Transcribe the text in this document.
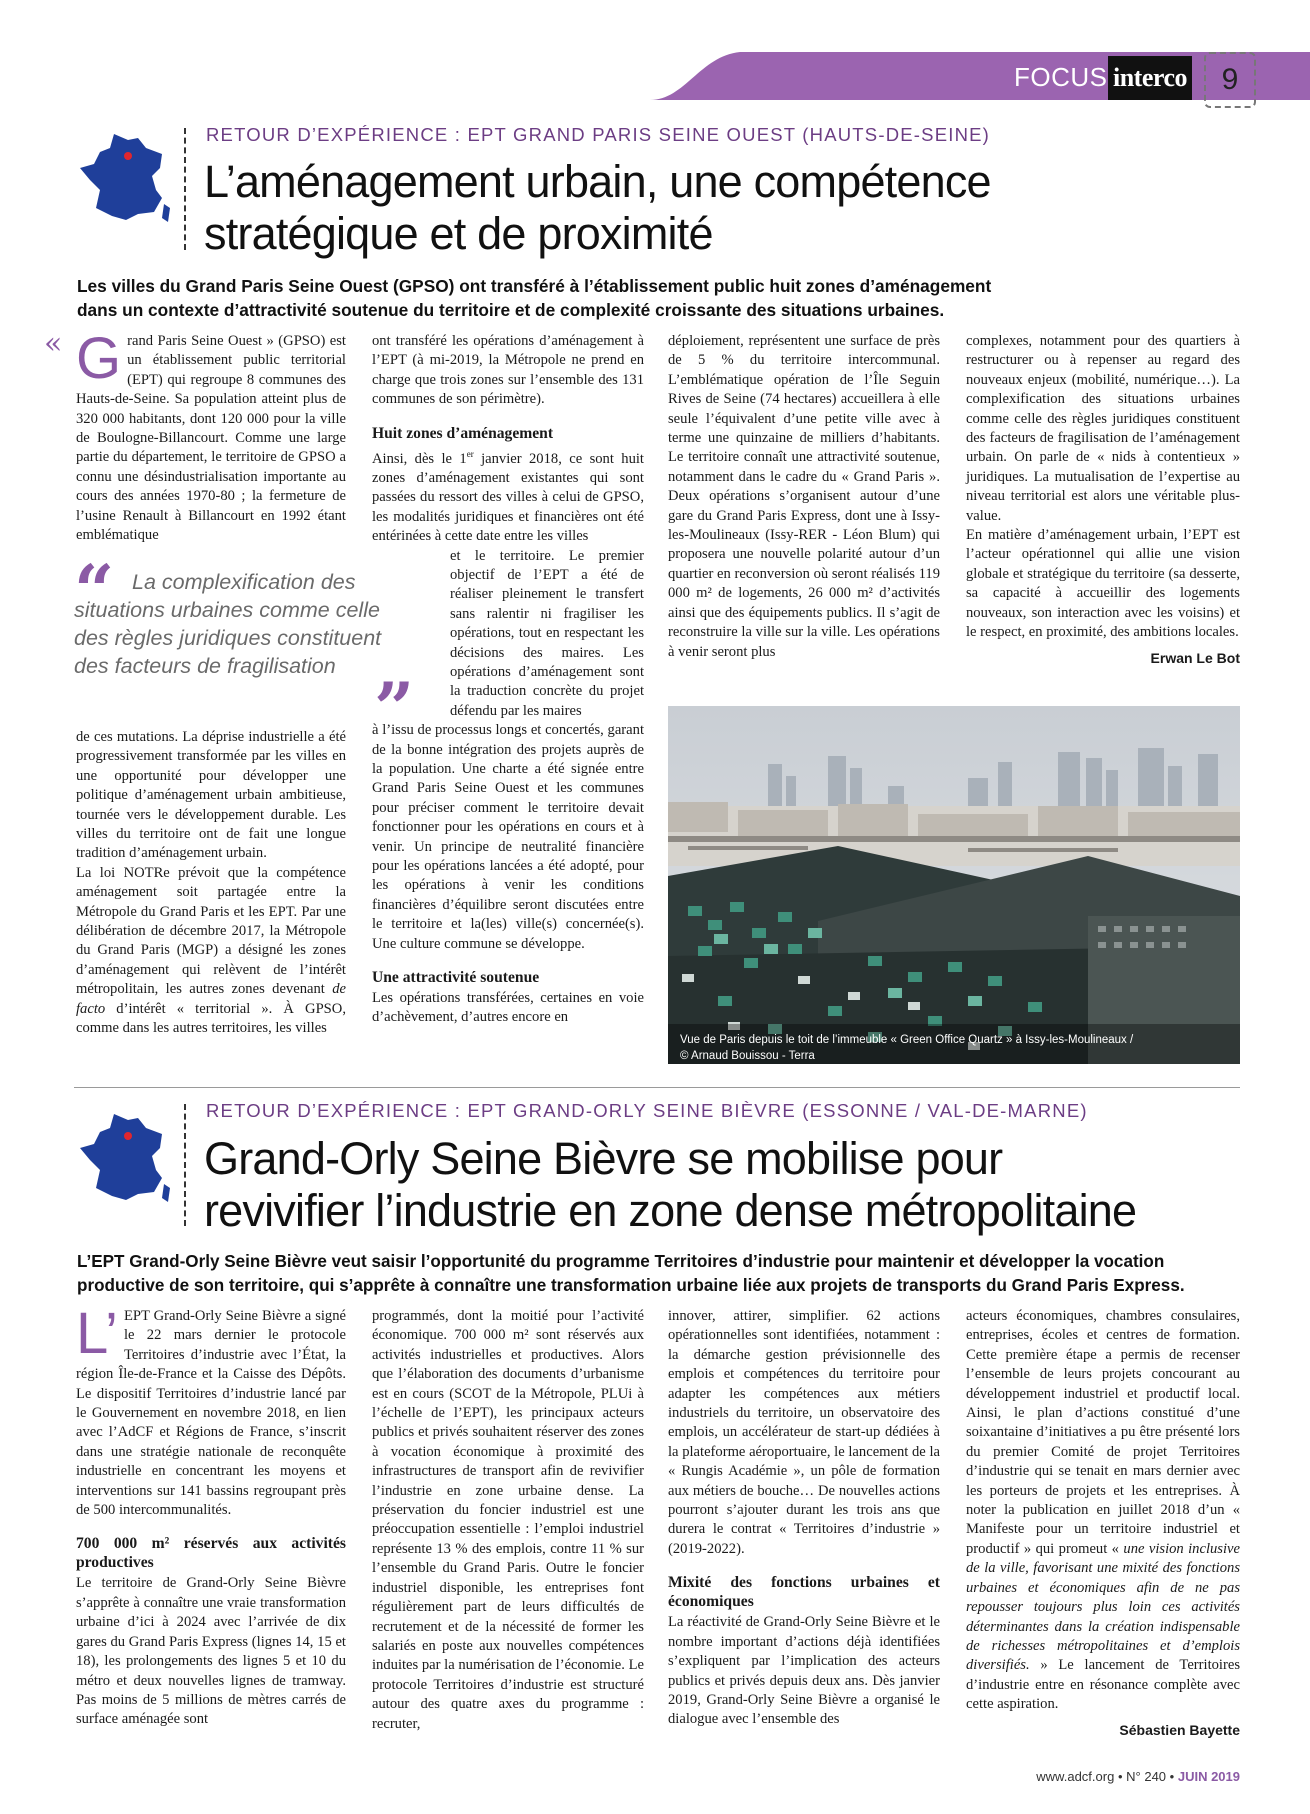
FOCUS interco	9
RETOUR D’EXPÉRIENCE : EPT GRAND PARIS SEINE OUEST (HAUTS-DE-SEINE)
L’aménagement urbain, une compétence
stratégique et de proximité
Les villes du Grand Paris Seine Ouest (GPSO) ont transféré à l’établissement public huit zones d’aménagement
dans un contexte d’attractivité soutenue du territoire et de complexité croissante des situations urbaines.
« Grand Paris Seine Ouest » (GPSO) est un établissement public territorial (EPT) qui regroupe 8 communes des Hauts-de-Seine. Sa population atteint plus de 320 000 habitants, dont 120 000 pour la ville de Boulogne-Billancourt. Comme une large partie du département, le territoire de GPSO a connu une désindustrialisation importante au cours des années 1970-80 ; la fermeture de l’usine Renault à Billancourt en 1992 étant emblématique

“ La complexification des situations urbaines comme celle des règles juridiques constituent des facteurs de fragilisation
”

de ces mutations. La déprise industrielle a été progressivement transformée par les villes en une opportunité pour développer une politique d’aménagement urbain ambitieuse, tournée vers le développement durable. Les villes du territoire ont de fait une longue tradition d’aménagement urbain.

La loi NOTRe prévoit que la compétence aménagement soit partagée entre la Métropole du Grand Paris et les EPT. Par une délibération de décembre 2017, la Métropole du Grand Paris (MGP) a désigné les zones d’aménagement qui relèvent de l’intérêt métropolitain, les autres zones devenant de facto d’intérêt « territorial ». À GPSO, comme dans les autres territoires, les villes

ont transféré les opérations d’aménagement à l’EPT (à mi-2019, la Métropole ne prend en charge que trois zones sur l’ensemble des 131 communes de son périmètre).

Huit zones d’aménagement

Ainsi, dès le 1er janvier 2018, ce sont huit zones d’aménagement existantes qui sont passées du ressort des villes à celui de GPSO, les modalités juridiques et financières ont été entérinées à cette date entre les villes

et le territoire. Le premier objectif de l’EPT a été de réaliser pleinement le transfert sans ralentir ni fragiliser les opérations, tout en respectant les décisions des maires. Les opérations d’aménagement sont la traduction concrète du projet défendu par les maires

à l’issu de processus longs et concertés, garant de la bonne intégration des projets auprès de la population. Une charte a été signée entre Grand Paris Seine Ouest et les communes pour préciser comment le territoire devait fonctionner pour les opérations en cours et à venir. Un principe de neutralité financière pour les opérations lancées a été adopté, pour les opérations à venir les conditions financières d’équilibre seront discutées entre le territoire et la(les) ville(s) concernée(s). Une culture commune se développe.

Une attractivité soutenue

Les opérations transférées, certaines en voie d’achèvement, d’autres encore en

déploiement, représentent une surface de près de 5 % du territoire intercommunal. L’emblématique opération de l’Île Seguin Rives de Seine (74 hectares) accueillera à elle seule l’équivalent d’une petite ville avec à terme une quinzaine de milliers d’habitants. Le territoire connaît une attractivité soutenue, notamment dans le cadre du « Grand Paris ». Deux opérations s’organisent autour d’une gare du Grand Paris Express, dont une à Issy-les-Moulineaux (Issy-RER - Léon Blum) qui proposera une nouvelle polarité autour d’un quartier en reconversion où seront réalisés 119 000 m² de logements, 26 000 m² d’activités ainsi que des équipements publics. Il s’agit de reconstruire la ville sur la ville. Les opérations à venir seront plus

complexes, notamment pour des quartiers à restructurer ou à repenser au regard des nouveaux enjeux (mobilité, numérique…). La complexification des situations urbaines comme celle des règles juridiques constituent des facteurs de fragilisation de l’aménagement urbain. On parle de « nids à contentieux » juridiques. La mutualisation de l’expertise au niveau territorial est alors une véritable plus-value.

En matière d’aménagement urbain, l’EPT est l’acteur opérationnel qui allie une vision globale et stratégique du territoire (sa desserte, sa capacité à accueillir des logements nouveaux, son interaction avec les voisins) et le respect, en proximité, des ambitions locales.

Erwan Le Bot
Vue de Paris depuis le toit de l’immeuble « Green Office Quartz » à Issy-les-Moulineaux /
© Arnaud Bouissou - Terra
RETOUR D’EXPÉRIENCE : EPT GRAND-ORLY SEINE BIÈVRE (ESSONNE / VAL-DE-MARNE)
Grand-Orly Seine Bièvre se mobilise pour
revivifier l’industrie en zone dense métropolitaine
L’EPT Grand-Orly Seine Bièvre veut saisir l’opportunité du programme Territoires d’industrie pour maintenir et développer la vocation
productive de son territoire, qui s’apprête à connaître une transformation urbaine liée aux projets de transports du Grand Paris Express.

L’ EPT Grand-Orly Seine Bièvre a signé le 22 mars dernier le protocole Territoires d’industrie avec l’État, la région Île-de-France et la Caisse des Dépôts. Le dispositif Territoires d’industrie lancé par le Gouvernement en novembre 2018, en lien avec l’AdCF et Régions de France, s’inscrit dans une stratégie nationale de reconquête industrielle en concentrant les moyens et interventions sur 141 bassins regroupant près de 500 intercommunalités.

700 000 m² réservés aux activités productives

Le territoire de Grand-Orly Seine Bièvre s’apprête à connaître une vraie transformation urbaine d’ici à 2024 avec l’arrivée de dix gares du Grand Paris Express (lignes 14, 15 et 18), les prolongements des lignes 5 et 10 du métro et deux nouvelles lignes de tramway. Pas moins de 5 millions de mètres carrés de surface aménagée sont

programmés, dont la moitié pour l’activité économique. 700 000 m² sont réservés aux activités industrielles et productives. Alors que l’élaboration des documents d’urbanisme est en cours (SCOT de la Métropole, PLUi à l’échelle de l’EPT), les principaux acteurs publics et privés souhaitent réserver des zones à vocation économique à proximité des infrastructures de transport afin de revivifier l’industrie en zone urbaine dense. La préservation du foncier industriel est une préoccupation essentielle : l’emploi industriel représente 13 % des emplois, contre 11 % sur l’ensemble du Grand Paris. Outre le foncier industriel disponible, les entreprises font régulièrement part de leurs difficultés de recrutement et de la nécessité de former les salariés en poste aux nouvelles compétences induites par la numérisation de l’économie. Le protocole Territoires d’industrie est structuré autour des quatre axes du programme : recruter,

innover, attirer, simplifier. 62 actions opérationnelles sont identifiées, notamment : la démarche gestion prévisionnelle des emplois et compétences du territoire pour adapter les compétences aux métiers industriels du territoire, un observatoire des emplois, un accélérateur de start-up dédiées à la plateforme aéroportuaire, le lancement de la « Rungis Académie », un pôle de formation aux métiers de bouche… De nouvelles actions pourront s’ajouter durant les trois ans que durera le contrat « Territoires d’industrie » (2019-2022).

Mixité des fonctions urbaines et économiques

La réactivité de Grand-Orly Seine Bièvre et le nombre important d’actions déjà identifiées s’expliquent par l’implication des acteurs publics et privés depuis deux ans. Dès janvier 2019, Grand-Orly Seine Bièvre a organisé le dialogue avec l’ensemble des

acteurs économiques, chambres consulaires, entreprises, écoles et centres de formation. Cette première étape a permis de recenser l’ensemble de leurs projets concourant au développement industriel et productif local. Ainsi, le plan d’actions constitué d’une soixantaine d’initiatives a pu être présenté lors du premier Comité de projet Territoires d’industrie qui se tenait en mars dernier avec les porteurs de projets et les entreprises. À noter la publication en juillet 2018 d’un « Manifeste pour un territoire industriel et productif » qui promeut « une vision inclusive de la ville, favorisant une mixité des fonctions urbaines et économiques afin de ne pas repousser toujours plus loin ces activités déterminantes dans la création indispensable de richesses métropolitaines et d’emplois diversifiés. » Le lancement de Territoires d’industrie entre en résonance complète avec cette aspiration.

Sébastien Bayette
www.adcf.org • N° 240 • JUIN 2019
